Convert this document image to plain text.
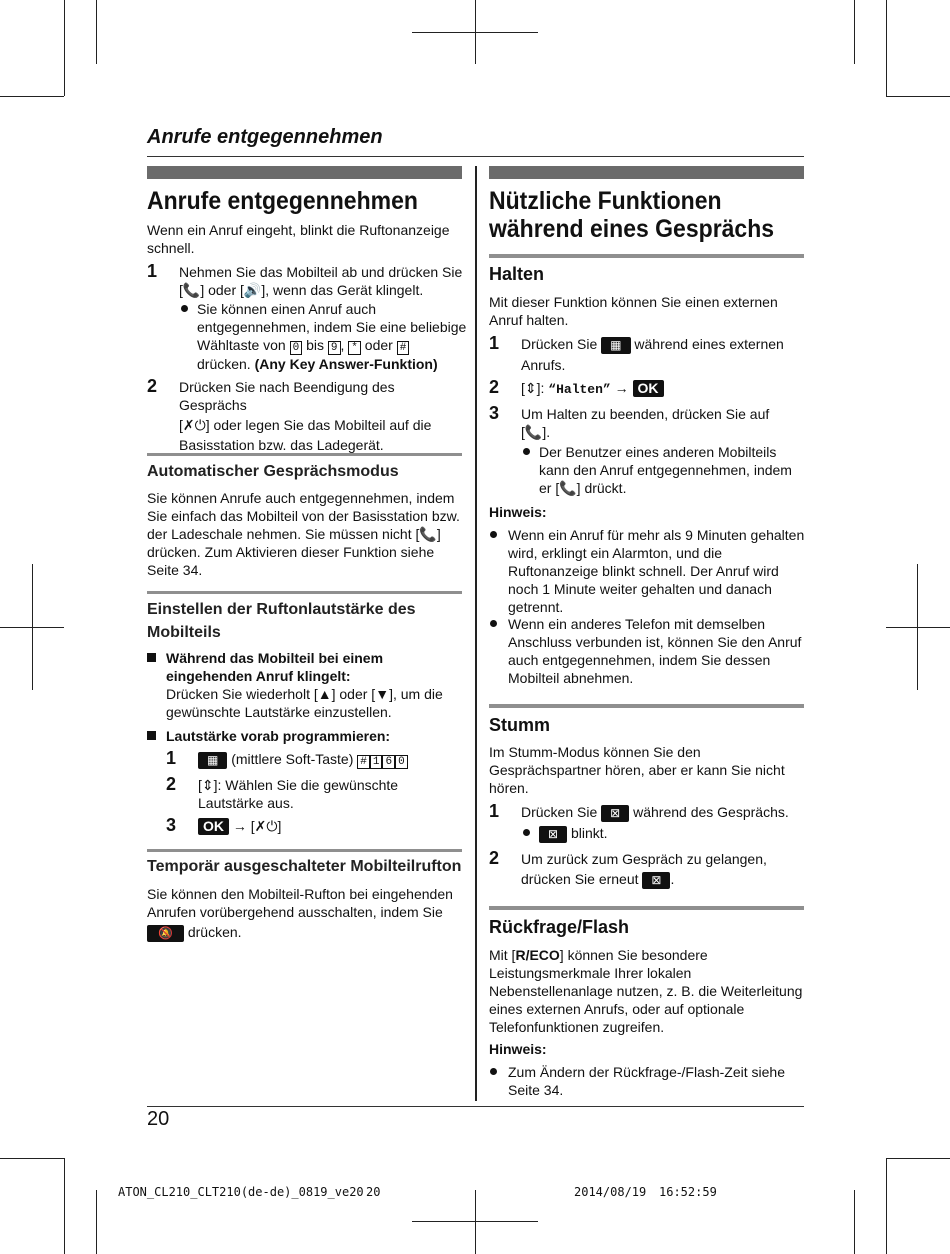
Anrufe entgegennehmen
Anrufe entgegennehmen
Wenn ein Anruf eingeht, blinkt die Ruftonanzeige
schnell.
1 Nehmen Sie das Mobilteil ab und drücken Sie
[📞] oder [🔊], wenn das Gerät klingelt.
Sie können einen Anruf auch
entgegennehmen, indem Sie eine beliebige
Wähltaste von 0 bis 9 , * oder #
drücken. (Any Key Answer-Funktion)
2 Drücken Sie nach Beendigung des Gesprächs
[✗⏻] oder legen Sie das Mobilteil auf die
Basisstation bzw. das Ladegerät.
Automatischer Gesprächsmodus
Sie können Anrufe auch entgegennehmen, indem
Sie einfach das Mobilteil von der Basisstation bzw.
der Ladeschale nehmen. Sie müssen nicht [📞]
drücken. Zum Aktivieren dieser Funktion siehe
Seite 34.
Einstellen der Ruftonlautstärke des
Mobilteils
Während das Mobilteil bei einem
eingehenden Anruf klingelt:
Drücken Sie wiederholt [▲] oder [▼], um die
gewünschte Lautstärke einzustellen.
Lautstärke vorab programmieren:
1	▦ (mittlere Soft-Taste) # 1 6 0
2 [⇕]: Wählen Sie die gewünschte
Lautstärke aus.
3	OK → [✗⏻]
Temporär ausgeschalteter Mobilteilrufton
Sie können den Mobilteil-Rufton bei eingehenden
Anrufen vorübergehend ausschalten, indem Sie
🔕 drücken.
Nützliche Funktionen
während eines Gesprächs
Halten
Mit dieser Funktion können Sie einen externen
Anruf halten.
1 Drücken Sie ▦ während eines externen
Anrufs.
2 [⇕]: “Halten” → OK
3 Um Halten zu beenden, drücken Sie auf
[📞].
Der Benutzer eines anderen Mobilteils
kann den Anruf entgegennehmen, indem
er [📞] drückt.
Hinweis:
Wenn ein Anruf für mehr als 9 Minuten gehalten
wird, erklingt ein Alarmton, und die
Ruftonanzeige blinkt schnell. Der Anruf wird
noch 1 Minute weiter gehalten und danach
getrennt.
Wenn ein anderes Telefon mit demselben
Anschluss verbunden ist, können Sie den Anruf
auch entgegennehmen, indem Sie dessen
Mobilteil abnehmen.
Stumm
Im Stumm-Modus können Sie den
Gesprächspartner hören, aber er kann Sie nicht
hören.
1 Drücken Sie ⊠ während des Gesprächs.
⊠ blinkt.
2 Um zurück zum Gespräch zu gelangen,
drücken Sie erneut ⊠ .
Rückfrage/Flash
Mit [R/ECO] können Sie besondere
Leistungsmerkmale Ihrer lokalen
Nebenstellenanlage nutzen, z. B. die Weiterleitung
eines externen Anrufs, oder auf optionale
Telefonfunktionen zugreifen.
Hinweis:
Zum Ändern der Rückfrage-/Flash-Zeit siehe
Seite 34.
20
ATON_CL210_CLT210(de-de)_0819_ve20 20	2014/08/19 16:52:59
